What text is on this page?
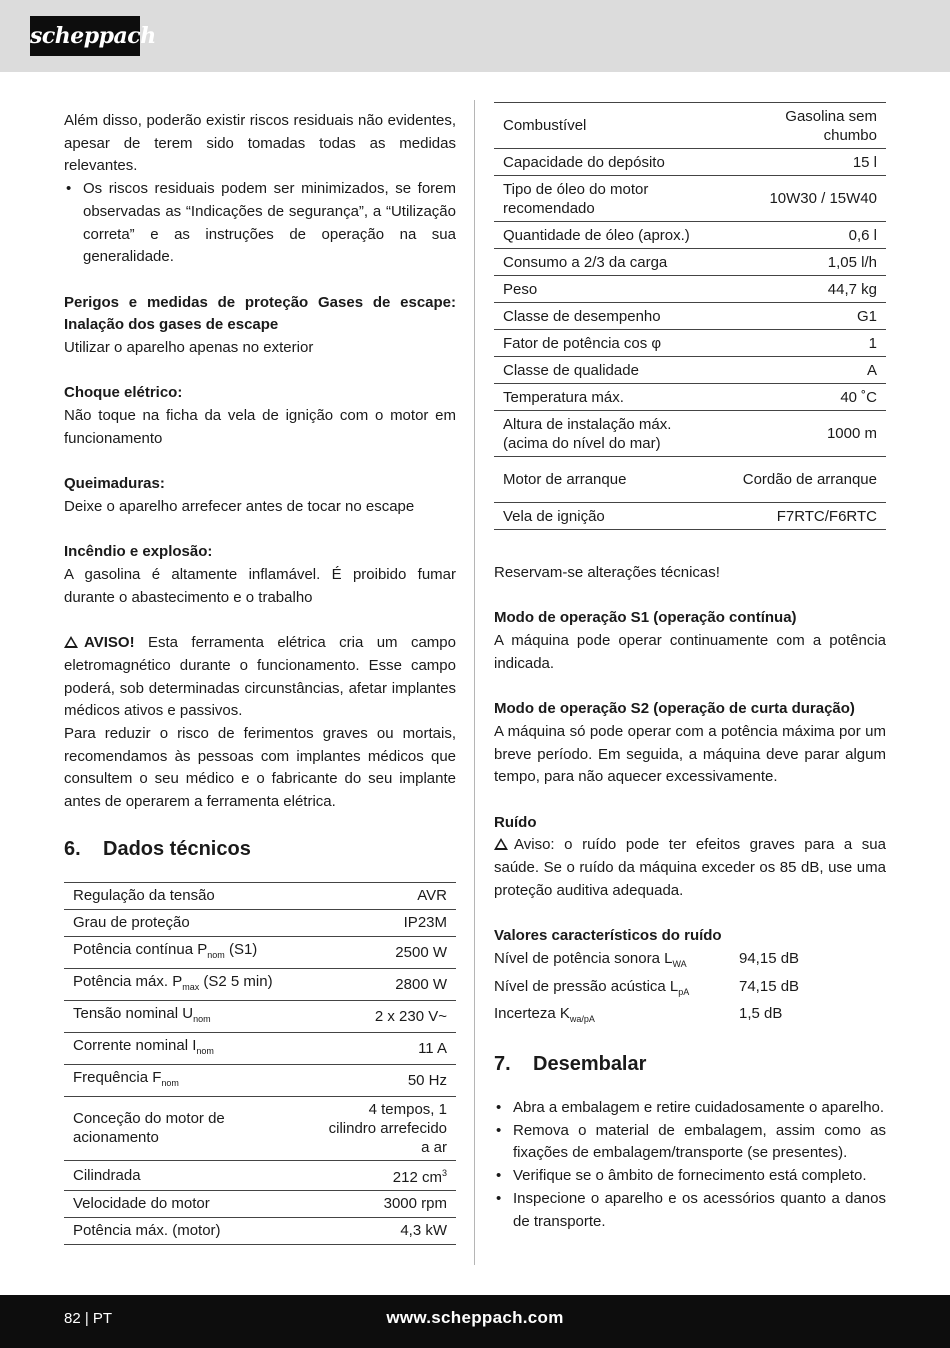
scheppach

Além disso, poderão existir riscos residuais não evidentes, apesar de terem sido tomadas todas as medidas relevantes.

• Os riscos residuais podem ser minimizados, se forem observadas as “Indicações de segurança”, a “Utilização correta” e as instruções de operação na sua generalidade.

Perigos e medidas de proteção Gases de escape: Inalação dos gases de escape

Utilizar o aparelho apenas no exterior

Choque elétrico:

Não toque na ficha da vela de ignição com o motor em funcionamento

Queimaduras:

Deixe o aparelho arrefecer antes de tocar no escape

Incêndio e explosão:

A gasolina é altamente inflamável. É proibido fumar durante o abastecimento e o trabalho

AVISO! Esta ferramenta elétrica cria um campo eletromagnético durante o funcionamento. Esse campo poderá, sob determinadas circunstâncias, afetar implantes médicos ativos e passivos.

Para reduzir o risco de ferimentos graves ou mortais, recomendamos às pessoas com implantes médicos que consultem o seu médico e o fabricante do seu implante antes de operarem a ferramenta elétrica.

6. Dados técnicos
Regulação da tensão	AVR
Grau de proteção	IP23M
Potência contínua $P_{nom}$ (S1)	2500 W
Potência máx. $P_{max}$ (S2 5 min)	2800 W
Tensão nominal $U_{nom}$	2 x 230 V~
Corrente nominal $I_{nom}$	11 A
Frequência $F_{nom}$	50 Hz
Conceção do motor de acionamento	4 tempos, 1 cilindro arrefecido a ar
Cilindrada	212 $cm^3$
Velocidade do motor	3000 rpm
Potência máx. (motor)	4,3 kW
Combustível	Gasolina sem chumbo
Capacidade do depósito	15 l
Tipo de óleo do motor recomendado	10W30 / 15W40
Quantidade de óleo (aprox.)	0,6 l
Consumo a 2/3 da carga	1,05 l/h
Peso	44,7 kg
Classe de desempenho	G1
Fator de potência cos φ	1
Classe de qualidade	A
Temperatura máx.	40 ˚C
Altura de instalação máx. (acima do nível do mar)	1000 m
Motor de arranque	Cordão de arranque
Vela de ignição	F7RTC/F6RTC

Reservam-se alterações técnicas!

Modo de operação S1 (operação contínua)

A máquina pode operar continuamente com a potência indicada.

Modo de operação S2 (operação de curta duração)

A máquina só pode operar com a potência máxima por um breve período. Em seguida, a máquina deve parar algum tempo, para não aquecer excessivamente.

Ruído

Aviso: o ruído pode ter efeitos graves para a sua saúde. Se o ruído da máquina exceder os 85 dB, use uma proteção auditiva adequada.

Valores característicos do ruído

Nível de potência sonora $L_{WA}$	94,15 dB
Nível de pressão acústica $L_{pA}$	74,15 dB
Incerteza $K_{wa/pA}$	1,5 dB
7. Desembalar
• Abra a embalagem e retire cuidadosamente o aparelho.
• Remova o material de embalagem, assim como as fixações de embalagem/transporte (se presentes).
• Verifique se o âmbito de fornecimento está completo.
• Inspecione o aparelho e os acessórios quanto a danos de transporte.
82 | PT	www.scheppach.com
